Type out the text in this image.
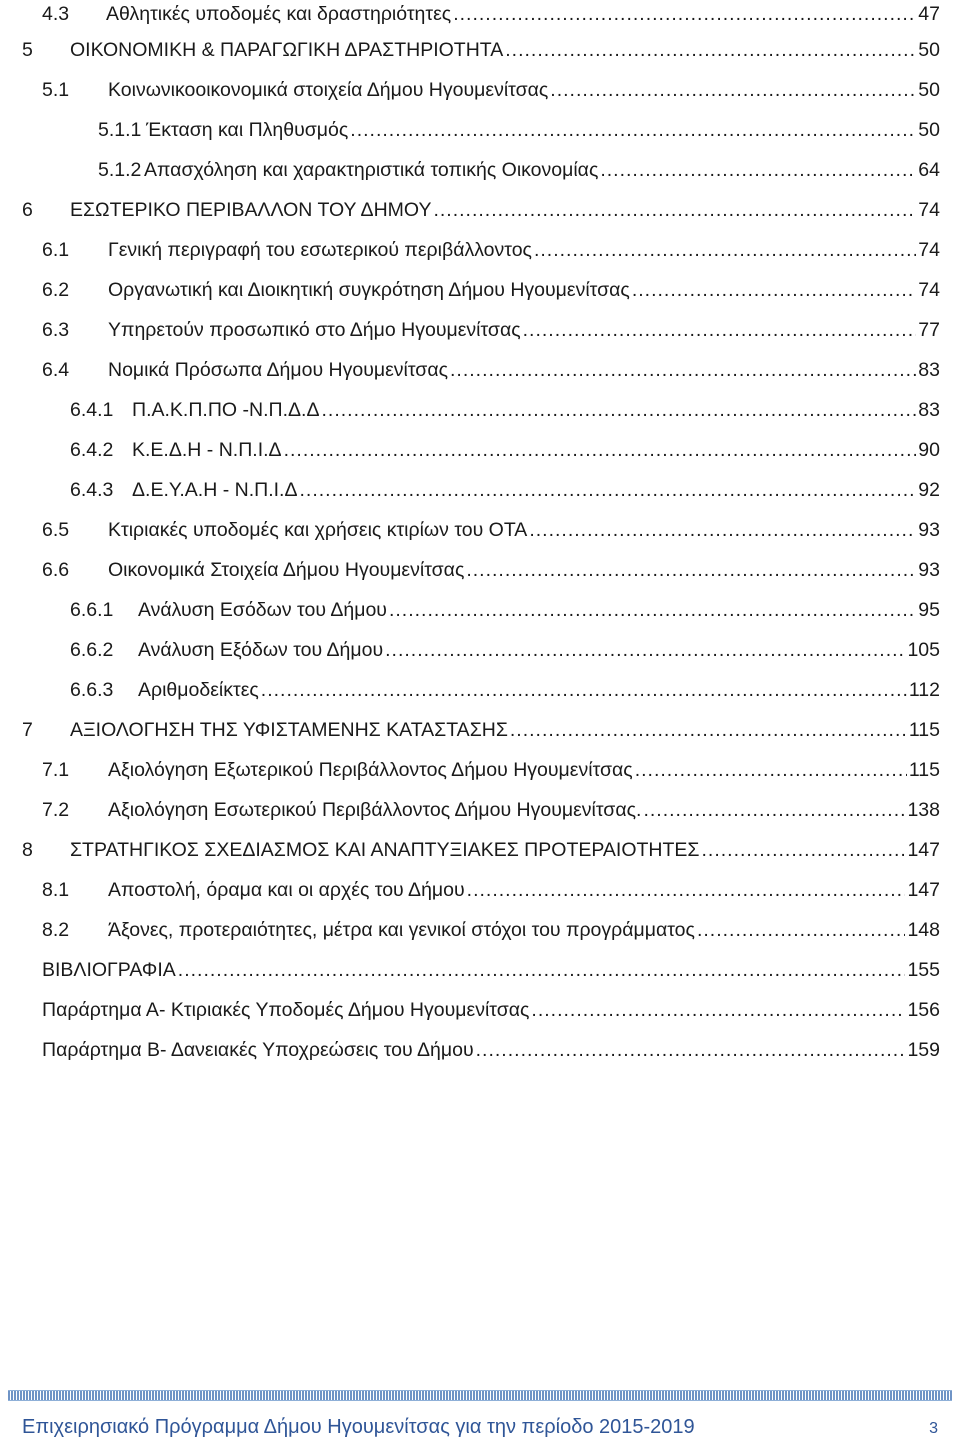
4.3	Αθλητικές υποδομές και δραστηριότητες .....	47
5	ΟΙΚΟΝΟΜΙΚΗ & ΠΑΡΑΓΩΓΙΚΗ ΔΡΑΣΤΗΡΙΟΤΗΤΑ .....	50
5.1	Κοινωνικοοικονομικά στοιχεία Δήμου Ηγουμενίτσας .....	50
5.1.1 Έκταση και Πληθυσμός .....	50
5.1.2 Απασχόληση και χαρακτηριστικά τοπικής Οικονομίας .....	64
6	ΕΣΩΤΕΡΙΚΟ ΠΕΡΙΒΑΛΛΟΝ ΤΟΥ ΔΗΜΟΥ .....	74
6.1	Γενική περιγραφή του εσωτερικού περιβάλλοντος .....	74
6.2	Οργανωτική και Διοικητική συγκρότηση Δήμου Ηγουμενίτσας .....	74
6.3	Υπηρετούν προσωπικό στο Δήμο Ηγουμενίτσας .....	77
6.4	Νομικά Πρόσωπα Δήμου Ηγουμενίτσας .....	83
6.4.1 Π.Α.Κ.Π.ΠΟ -Ν.Π.Δ.Δ .....	83
6.4.2 Κ.Ε.Δ.Η - Ν.Π.Ι.Δ .....	90
6.4.3 Δ.Ε.Υ.Α.Η - Ν.Π.Ι.Δ .....	92
6.5	Κτιριακές υποδομές και χρήσεις κτιρίων του ΟΤΑ .....	93
6.6	Οικονομικά Στοιχεία Δήμου Ηγουμενίτσας .....	93
6.6.1	Ανάλυση Εσόδων του Δήμου .....	95
6.6.2	Ανάλυση Εξόδων του Δήμου .....	105
6.6.3	Αριθμοδείκτες .....	112
7	ΑΞΙΟΛΟΓΗΣΗ ΤΗΣ ΥΦΙΣΤΑΜΕΝΗΣ ΚΑΤΑΣΤΑΣΗΣ .....	115
7.1	Αξιολόγηση Εξωτερικού Περιβάλλοντος Δήμου Ηγουμενίτσας .....	115
7.2	Αξιολόγηση Εσωτερικού Περιβάλλοντος Δήμου Ηγουμενίτσας. .....	138
8	ΣΤΡΑΤΗΓΙΚΟΣ ΣΧΕΔΙΑΣΜΟΣ ΚΑΙ ΑΝΑΠΤΥΞΙΑΚΕΣ ΠΡΟΤΕΡΑΙΟΤΗΤΕΣ .....	147
8.1	Αποστολή, όραμα και οι αρχές του Δήμου .....	147
8.2	Άξονες, προτεραιότητες, μέτρα και γενικοί στόχοι του προγράμματος .....	148
ΒΙΒΛΙΟΓΡΑΦΙΑ .....	155
Παράρτημα Α- Κτιριακές Υποδομές Δήμου Ηγουμενίτσας .....	156
Παράρτημα Β- Δανειακές Υποχρεώσεις του Δήμου .....	159
Επιχειρησιακό Πρόγραμμα Δήμου Ηγουμενίτσας για την περίοδο 2015-2019	3
